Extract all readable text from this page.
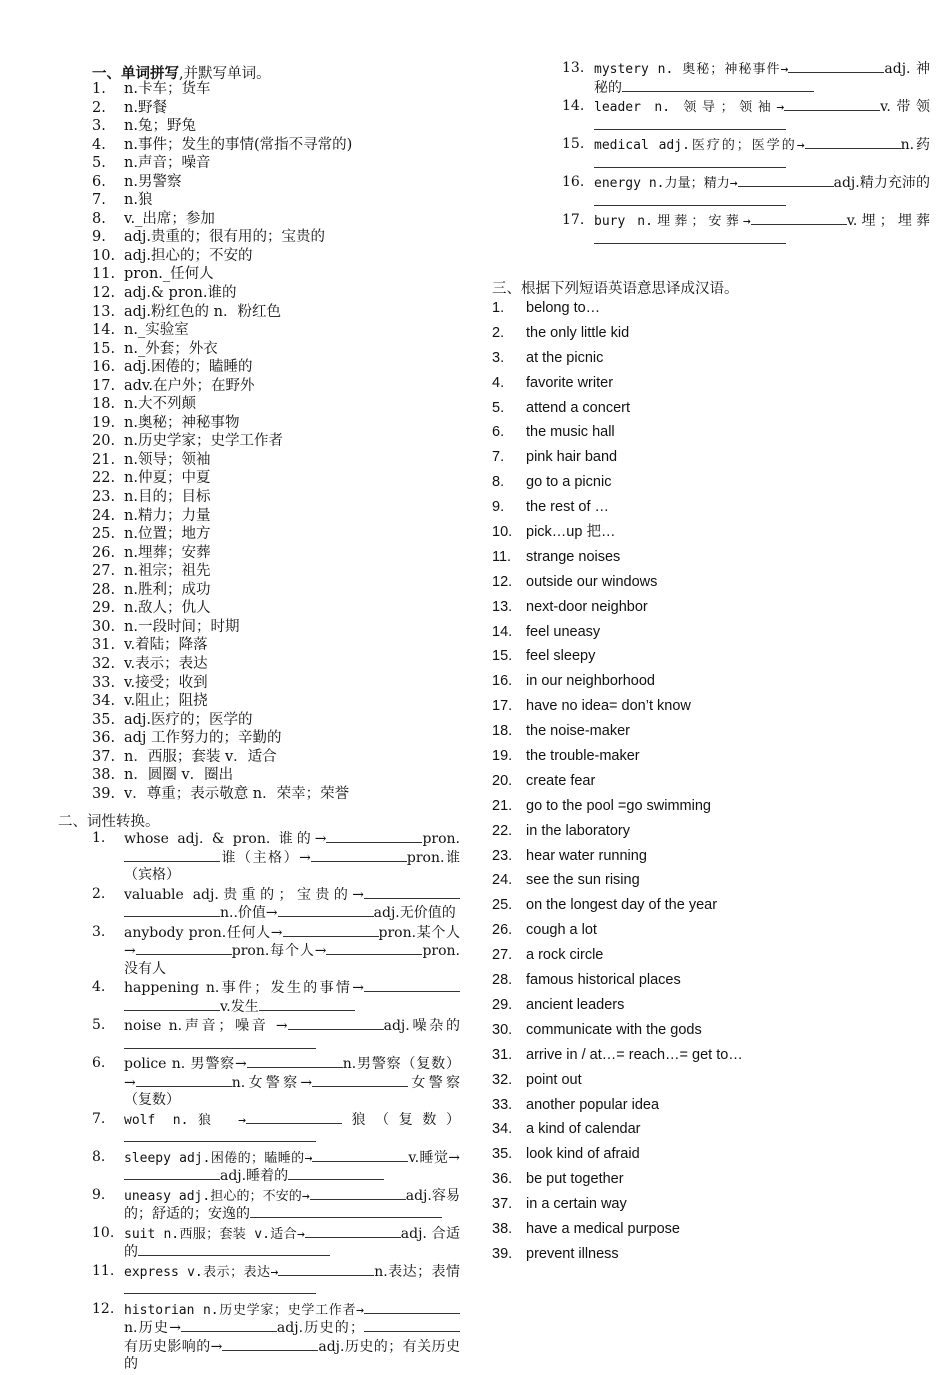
一、单词拼写,并默写单词。
1. n.卡车；货车
2. n.野餐
3. n.兔；野兔
4. n.事件；发生的事情(常指不寻常的)
5. n.声音；噪音
6. n.男警察
7. n.狼
8. v._出席；参加
9. adj.贵重的；很有用的；宝贵的
10. adj.担心的；不安的
11. pron._任何人
12. adj.& pron.谁的
13. adj.粉红色的 n．粉红色
14. n._实验室
15. n._外套；外衣
16. adj.困倦的；瞌睡的
17. adv.在户外；在野外
18. n.大不列颠
19. n.奥秘；神秘事物
20. n.历史学家；史学工作者
21. n.领导；领袖
22. n.仲夏；中夏
23. n.目的；目标
24. n.精力；力量
25. n.位置；地方
26. n.埋葬；安葬
27. n.祖宗；祖先
28. n.胜利；成功
29. n.敌人；仇人
30. n.一段时间；时期
31. v.着陆；降落
32. v.表示；表达
33. v.接受；收到
34. v.阻止；阻挠
35. adj.医疗的；医学的
36. adj 工作努力的；辛勤的
37. n．西服；套装 v．适合
38. n．圆圈 v．圈出
39. v．尊重；表示敬意 n．荣幸；荣誉
二、词性转换。
1. whose adj. & pron. 谁的→	pron.谁（主格）→	pron.谁（宾格）
2. valuable adj.贵重的；宝贵的→n..价值→	adj.无价值的
3. anybody pron.任何人→	pron.某个人 →	pron.每个人→	pron.没有人
4. happening n.事件；发生的事情→v.发生
5. noise n.声音；噪音 →	adj.噪杂的
6. police n. 男警察→	n.男警察（复数）→	n.女警察→	女警察（复数）
7. wolf n.狼 →	狼（复数）
8. sleepy adj.困倦的；瞌睡的→	v.睡觉→adj.睡着的
9. uneasy adj.担心的；不安的→	adj.容易的；舒适的；安逸的
10. suit n.西服；套装 v.适合→	adj. 合适的
11. express v.表示；表达→	n.表达；表情
12. historian n.历史学家；史学工作者→n.历史→	adj.历史的；有历史影响的→	adj.历史的；有关历史的
13. mystery n. 奥秘；神秘事件→	adj. 神秘的
14. leader n. 领导；领袖→	v.带领
15. medical adj.医疗的；医学的→	n.药
16. energy n.力量；精力→	adj.精力充沛的
17. bury n.埋葬；安葬→	v.埋；埋葬
三、根据下列短语英语意思译成汉语。
1. belong to…
2. the only little kid
3. at the picnic
4. favorite writer
5. attend a concert
6. the music hall
7. pink hair band
8. go to a picnic
9. the rest of …
10. pick…up 把…
11. strange noises
12. outside our windows
13. next-door neighbor
14. feel uneasy
15. feel sleepy
16. in our neighborhood
17. have no idea= don’t know
18. the noise-maker
19. the trouble-maker
20. create fear
21. go to the pool =go swimming
22. in the laboratory
23. hear water running
24. see the sun rising
25. on the longest day of the year
26. cough a lot
27. a rock circle
28. famous historical places
29. ancient leaders
30. communicate with the gods
31. arrive in / at…= reach…= get to…
32. point out
33. another popular idea
34. a kind of calendar
35. look kind of afraid
36. be put together
37. in a certain way
38. have a medical purpose
39. prevent illness
